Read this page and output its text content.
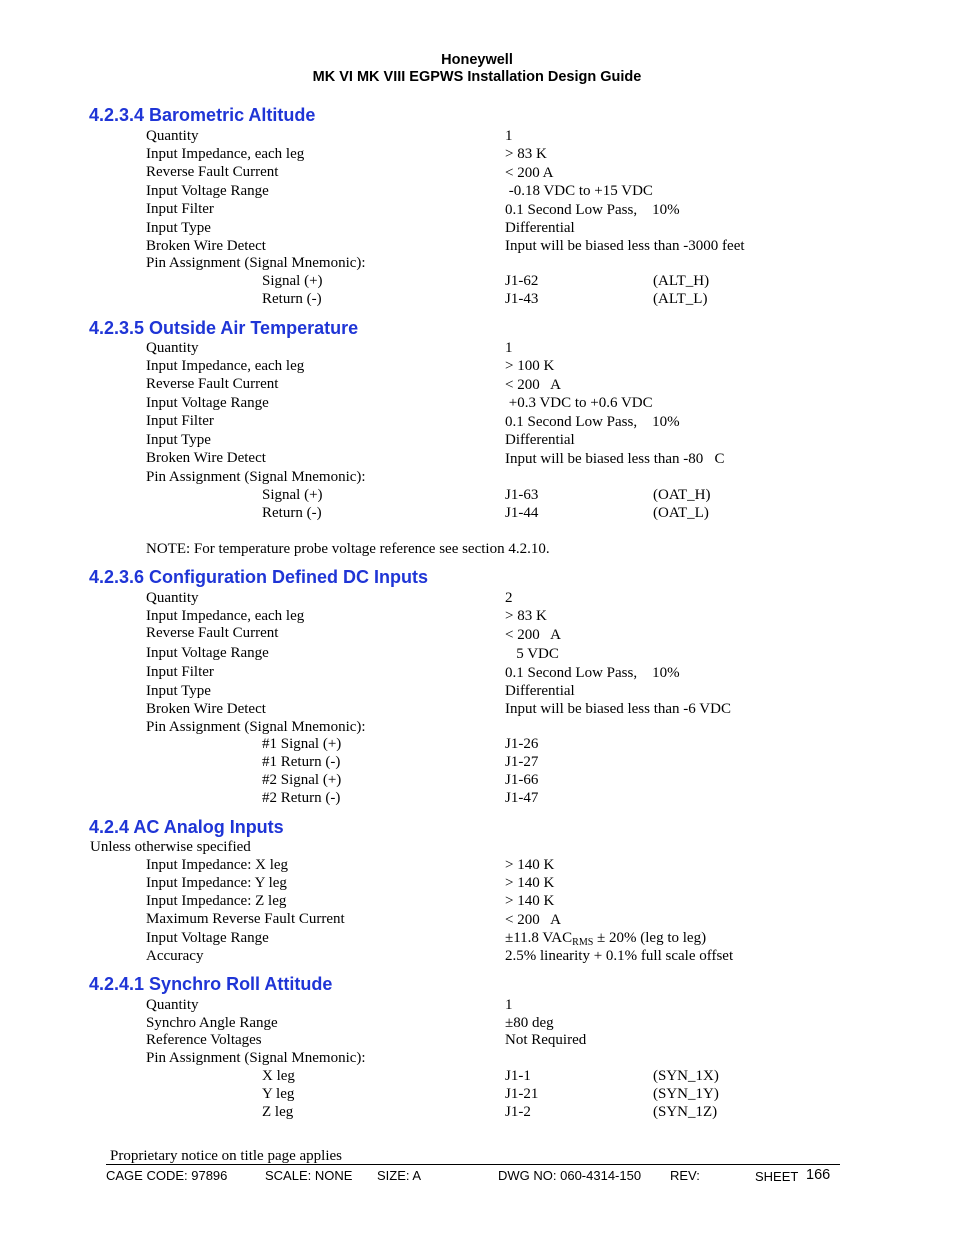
Honeywell
MK VI MK VIII EGPWS Installation Design Guide
4.2.3.4 Barometric Altitude
Quantity	1
Input Impedance, each leg	> 83 K
Reverse Fault Current	< 200 A
Input Voltage Range	-0.18 VDC to +15 VDC
Input Filter	0.1 Second Low Pass,    10%
Input Type	Differential
Broken Wire Detect	Input will be biased less than -3000 feet
Pin Assignment (Signal Mnemonic):
Signal (+)	J1-62	(ALT_H)
Return (-)	J1-43	(ALT_L)
4.2.3.5 Outside Air Temperature
Quantity	1
Input Impedance, each leg	> 100 K
Reverse Fault Current	< 200   A
Input Voltage Range	+0.3 VDC to +0.6 VDC
Input Filter	0.1 Second Low Pass,    10%
Input Type	Differential
Broken Wire Detect	Input will be biased less than -80   C
Pin Assignment (Signal Mnemonic):
Signal (+)	J1-63	(OAT_H)
Return (-)	J1-44	(OAT_L)
NOTE: For temperature probe voltage reference see section 4.2.10.
4.2.3.6 Configuration Defined DC Inputs
Quantity	2
Input Impedance, each leg	> 83 K
Reverse Fault Current	< 200   A
Input Voltage Range	5 VDC
Input Filter	0.1 Second Low Pass,    10%
Input Type	Differential
Broken Wire Detect	Input will be biased less than -6 VDC
Pin Assignment (Signal Mnemonic):
#1 Signal (+)	J1-26
#1 Return (-)	J1-27
#2 Signal (+)	J1-66
#2 Return (-)	J1-47
4.2.4 AC Analog Inputs
Unless otherwise specified
Input Impedance: X leg	> 140 K
Input Impedance: Y leg	> 140 K
Input Impedance: Z leg	> 140 K
Maximum Reverse Fault Current	< 200   A
Input Voltage Range	±11.8 $VAC_{RMS} \pm 20\%$ (leg to leg)
Accuracy	2.5% linearity + 0.1% full scale offset
4.2.4.1 Synchro Roll Attitude
Quantity	1
Synchro Angle Range	±80 deg
Reference Voltages	Not Required
Pin Assignment (Signal Mnemonic):
X leg	J1-1	(SYN_1X)
Y leg	J1-21	(SYN_1Y)
Z leg	J1-2	(SYN_1Z)
Proprietary notice on title page applies
CAGE CODE: 97896	SCALE: NONE SIZE: A	DWG NO: 060-4314-150 REV:	SHEET 166
